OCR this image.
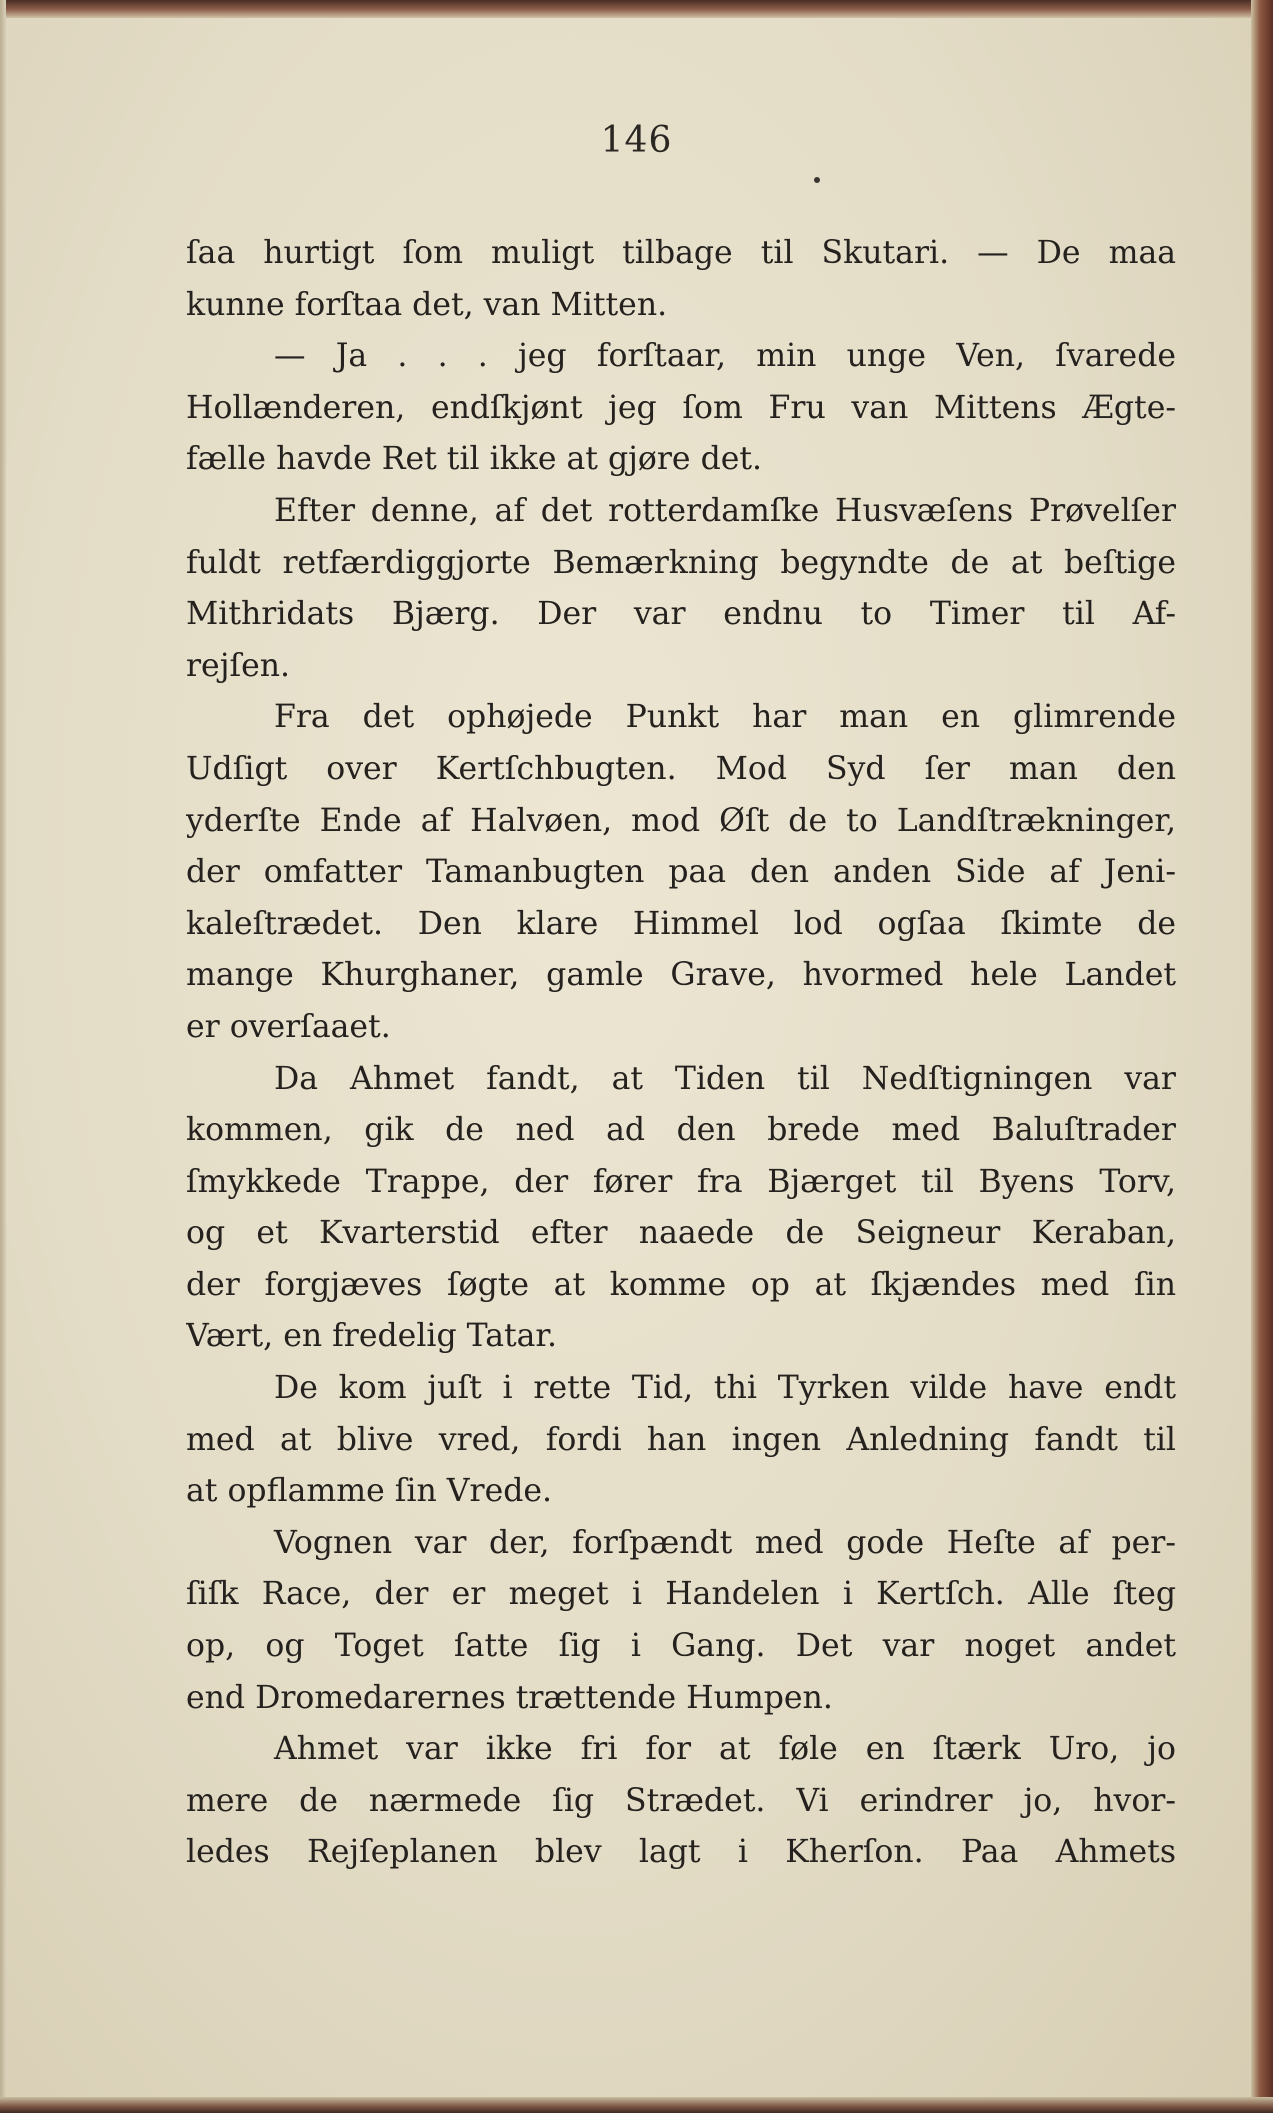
146
ſaa hurtigt ſom muligt tilbage til Skutari. — De maa
kunne forſtaa det, van Mitten.
— Ja . . . jeg forſtaar, min unge Ven, ſvarede
Hollænderen, endſkjønt jeg ſom Fru van Mittens Ægte-
fælle havde Ret til ikke at gjøre det.
Efter denne, af det rotterdamſke Husvæſens Prøvelſer
fuldt retfærdiggjorte Bemærkning begyndte de at beſtige
Mithridats Bjærg. Der var endnu to Timer til Af-
rejſen.
Fra det ophøjede Punkt har man en glimrende
Udſigt over Kertſchbugten. Mod Syd ſer man den
yderſte Ende af Halvøen, mod Øſt de to Landſtrækninger,
der omfatter Tamanbugten paa den anden Side af Jeni-
kaleſtrædet. Den klare Himmel lod ogſaa ſkimte de
mange Khurghaner, gamle Grave, hvormed hele Landet
er overſaaet.
Da Ahmet fandt, at Tiden til Nedſtigningen var
kommen, gik de ned ad den brede med Baluſtrader
ſmykkede Trappe, der fører fra Bjærget til Byens Torv,
og et Kvarterstid efter naaede de Seigneur Keraban,
der forgjæves ſøgte at komme op at ſkjændes med ſin
Vært, en fredelig Tatar.
De kom juſt i rette Tid, thi Tyrken vilde have endt
med at blive vred, fordi han ingen Anledning fandt til
at opflamme ſin Vrede.
Vognen var der, forſpændt med gode Heſte af per-
ſiſk Race, der er meget i Handelen i Kertſch. Alle ſteg
op, og Toget ſatte ſig i Gang. Det var noget andet
end Dromedarernes trættende Humpen.
Ahmet var ikke fri for at føle en ſtærk Uro, jo
mere de nærmede ſig Strædet. Vi erindrer jo, hvor-
ledes Rejſeplanen blev lagt i Kherſon. Paa Ahmets
